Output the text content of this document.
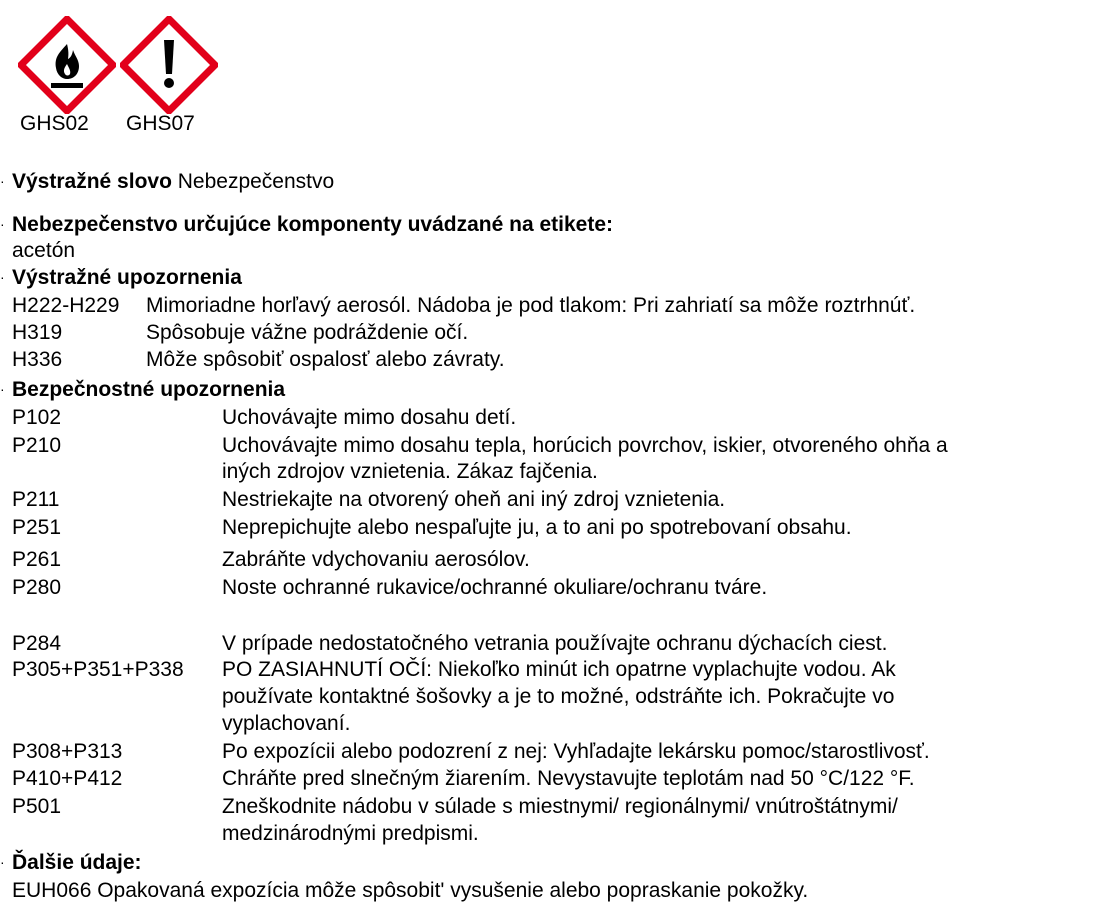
GHS02 GHS07
· Výstražné slovo Nebezpečenstvo
· Nebezpečenstvo určujúce komponenty uvádzané na etikete:
acetón
· Výstražné upozornenia
H222-H229 Mimoriadne horľavý aerosól. Nádoba je pod tlakom: Pri zahriatí sa môže roztrhnúť.
H319	Spôsobuje vážne podráždenie očí.
H336	Môže spôsobiť ospalosť alebo závraty.
· Bezpečnostné upozornenia
P102	Uchovávajte mimo dosahu detí.
P210	Uchovávajte mimo dosahu tepla, horúcich povrchov, iskier, otvoreného ohňa a
iných zdrojov vznietenia. Zákaz fajčenia.
P211	Nestriekajte na otvorený oheň ani iný zdroj vznietenia.
P251	Neprepichujte alebo nespaľujte ju, a to ani po spotrebovaní obsahu.
P261	Zabráňte vdychovaniu aerosólov.
P280	Noste ochranné rukavice/ochranné okuliare/ochranu tváre.
P284	V prípade nedostatočného vetrania používajte ochranu dýchacích ciest.
P305+P351+P338 PO ZASIAHNUTÍ OČÍ: Niekoľko minút ich opatrne vyplachujte vodou. Ak
používate kontaktné šošovky a je to možné, odstráňte ich. Pokračujte vo
vyplachovaní.
P308+P313	Po expozícii alebo podozrení z nej: Vyhľadajte lekársku pomoc/starostlivosť.
P410+P412	Chráňte pred slnečným žiarením. Nevystavujte teplotám nad 50 °C/122 °F.
P501	Zneškodnite nádobu v súlade s miestnymi/ regionálnymi/ vnútroštátnymi/
medzinárodnými predpismi.
· Ďalšie údaje:
EUH066 Opakovaná expozícia môže spôsobit' vysušenie alebo popraskanie pokožky.
